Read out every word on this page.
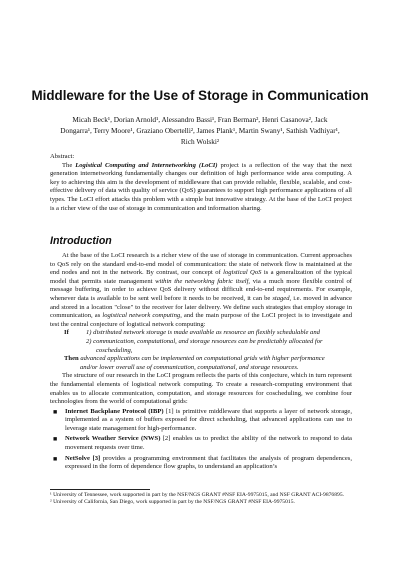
Middleware for the Use of Storage in Communication
Micah Beck¹, Dorian Arnold¹, Alessandro Bassi¹, Fran Berman², Henri Casanova², Jack
Dongarra¹, Terry Moore¹, Graziano Obertelli², James Plank¹, Martin Swany¹, Sathish Vadhiyar¹,
Rich Wolski²

Abstract:

The Logistical Computing and Internetworking (LoCI) project is a reflection of the way that the next generation internetworking fundamentally changes our definition of high performance wide area computing. A key to achieving this aim is the development of middleware that can provide reliable, flexible, scalable, and cost-effective delivery of data with quality of service (QoS) guarantees to support high performance applications of all types. The LoCI effort attacks this problem with a simple but innovative strategy. At the base of the LoCI project is a richer view of the use of storage in communication and information sharing.

Introduction

At the base of the LoCI research is a richer view of the use of storage in communication. Current approaches to QoS rely on the standard end-to-end model of communication: the state of network flow is maintained at the end nodes and not in the network. By contrast, our concept of logistical QoS is a generalization of the typical model that permits state management within the networking fabric itself, via a much more flexible control of message buffering, in order to achieve QoS delivery without difficult end-to-end requirements. For example, whenever data is available to be sent well before it needs to be received, it can be staged, i.e. moved in advance and stored in a location "close" to the receiver for later delivery. We define such strategies that employ storage in communication, as logistical network computing, and the main purpose of the LoCI project is to investigate and test the central conjecture of logistical network computing:

If	1) distributed network storage is made available as resource an flexibly schedulable and
2) communication, computational, and storage resources can be predictably allocated for
coscheduling,
Then advanced applications can be implemented on computational grids with higher performance
and/or lower overall use of communication, computational, and storage resources.

The structure of our research in the LoCI program reflects the parts of this conjecture, which in turn represent the fundamental elements of logistical network computing. To create a research-computing environment that enables us to allocate communication, computation, and storage resources for coscheduling, we combine four technologies from the world of computational grids:

■ Internet Backplane Protocol (IBP) [1] is primitive middleware that supports a layer of network storage, implemented as a system of buffers exposed for direct scheduling, that advanced applications can use to leverage state management for high-performance.
■ Network Weather Service (NWS) [2] enables us to predict the ability of the network to respond to data movement requests over time.
■ NetSolve [3] provides a programming environment that facilitates the analysis of program dependences, expressed in the form of dependence flow graphs, to understand an application’s

¹ University of Tennessee, work supported in part by the NSF/NGS GRANT #NSF EIA-9975015, and NSF GRANT ACI-9876895.

² University of California, San Diego, work supported in part by the NSF/NGS GRANT #NSF EIA-9975015.
